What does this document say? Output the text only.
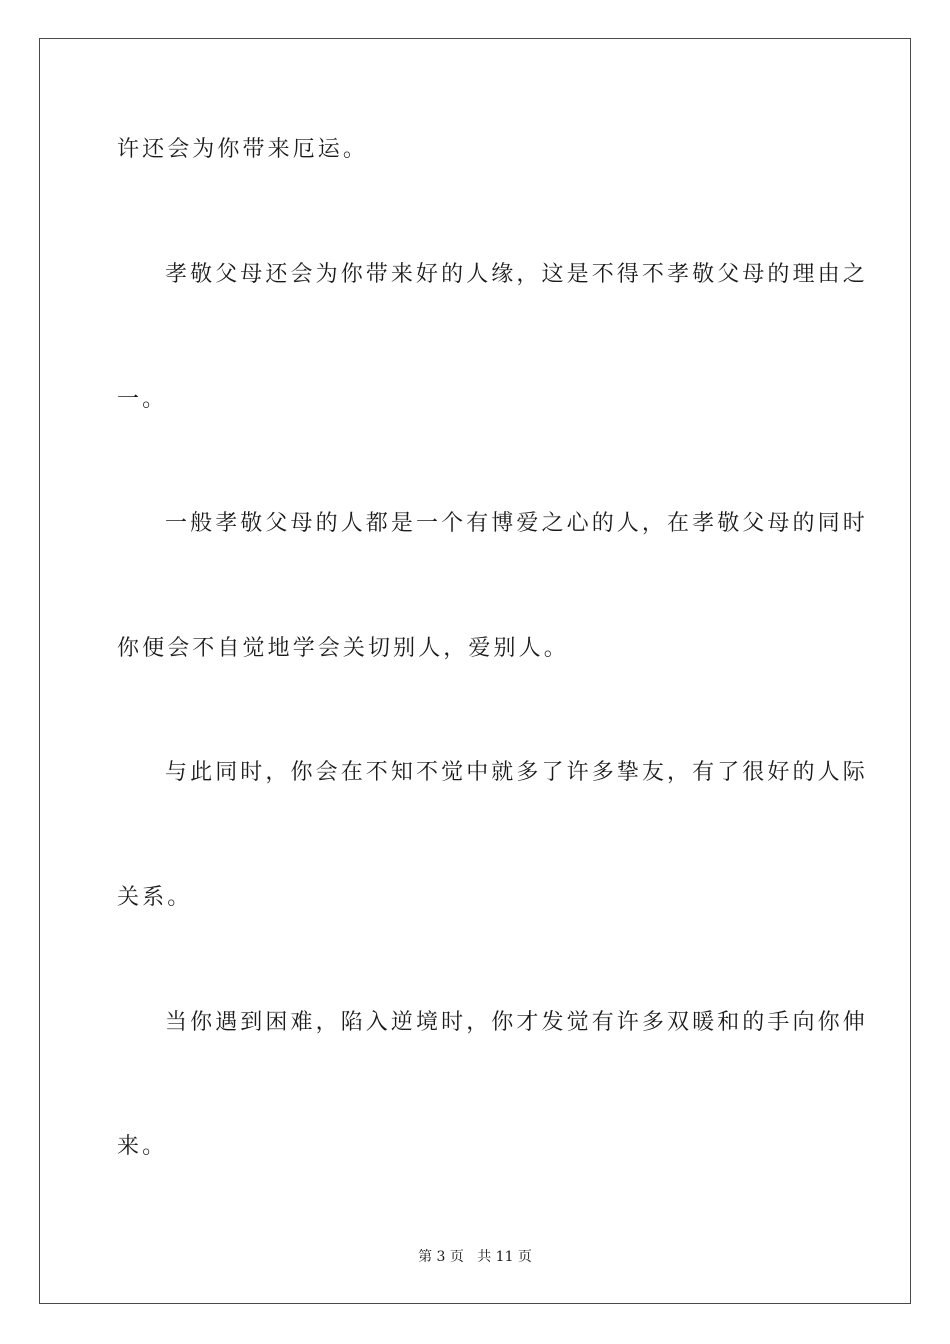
许还会为你带来厄运。
孝敬父母还会为你带来好的人缘，这是不得不孝敬父母的理由之
一。
一般孝敬父母的人都是一个有博爱之心的人，在孝敬父母的同时
你便会不自觉地学会关切别人，爱别人。
与此同时，你会在不知不觉中就多了许多挚友，有了很好的人际
关系。
当你遇到困难，陷入逆境时，你才发觉有许多双暖和的手向你伸
来。
第 3 页   共 11 页
